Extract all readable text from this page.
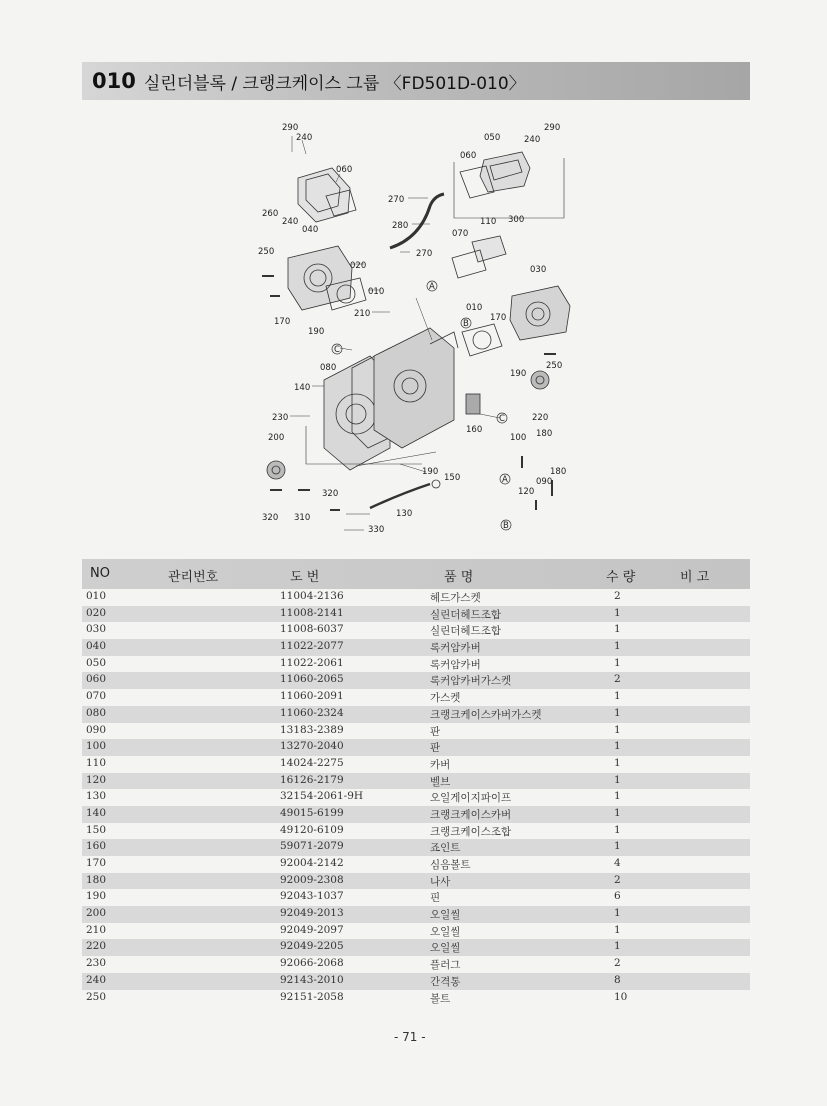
010 실린더블록 / 크랭크케이스 그룹 〈FD501D-010〉
290
240
060
260
240
040
050	240
290
060
270
280
270
110 300
070
250
020
010
030
A
210
170
190
010
B
170
C
080
190
250
140
220
230	C
160
100 180
200
190
150
180
A	090
120
320
320 310	130
330	B
NO	관리번호	도 번	품 명	수 량	비 고
010	11004-2136	헤드가스켓	2
020	11008-2141	실린더헤드조합	1
030	11008-6037	실린더헤드조합	1
040	11022-2077	록커암카버	1
050	11022-2061	록커암카버	1
060	11060-2065	록커암카버가스켓	2
070	11060-2091	가스켓	1
080	11060-2324	크랭크케이스카버가스켓	1
090	13183-2389	판	1
100	13270-2040	판	1
110	14024-2275	카버	1
120	16126-2179	벨브	1
130	32154-2061-9H	오일게이지파이프	1
140	49015-6199	크랭크케이스카버	1
150	49120-6109	크랭크케이스조합	1
160	59071-2079	죠인트	1
170	92004-2142	심음볼트	4
180	92009-2308	나사	2
190	92043-1037	핀	6
200	92049-2013	오일씰	1
210	92049-2097	오일씰	1
220	92049-2205	오일씰	1
230	92066-2068	플러그	2
240	92143-2010	간격통	8
250	92151-2058	볼트	10
- 71 -
